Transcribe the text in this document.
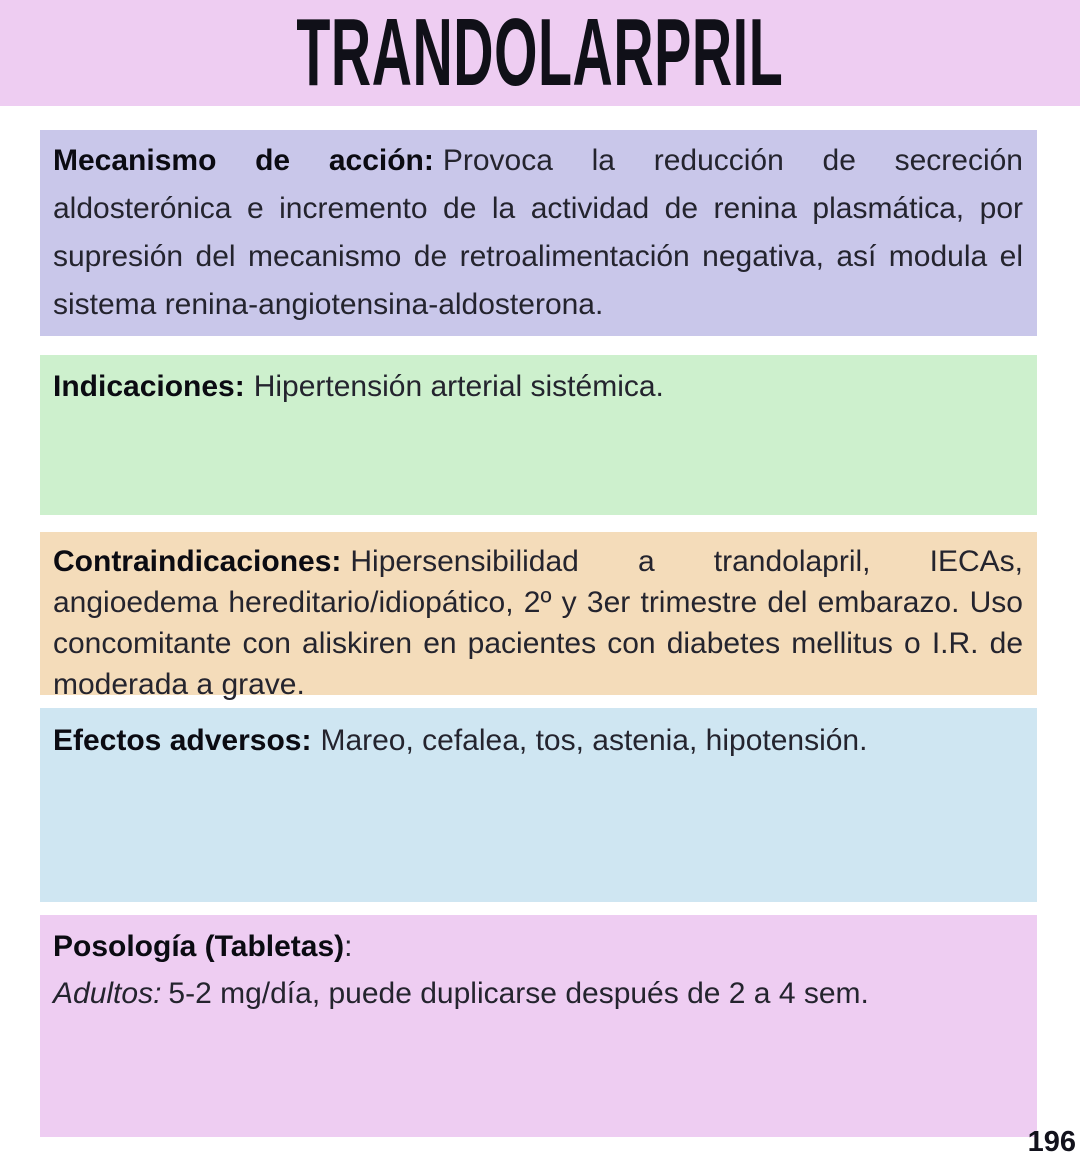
TRANDOLARPRIL
Mecanismo de acción: Provoca la reducción de secreción aldosterónica e incremento de la actividad de renina plasmática, por supresión del mecanismo de retroalimentación negativa, así modula el sistema renina-angiotensina-aldosterona.
Indicaciones: Hipertensión arterial sistémica.
Contraindicaciones: Hipersensibilidad a trandolapril, IECAs, angioedema hereditario/idiopático, 2º y 3er trimestre del embarazo. Uso concomitante con aliskiren en pacientes con diabetes mellitus o I.R. de moderada a grave.
Efectos adversos: Mareo, cefalea, tos, astenia, hipotensión.
Posología (Tabletas):
Adultos: 5-2 mg/día, puede duplicarse después de 2 a 4 sem.
196
